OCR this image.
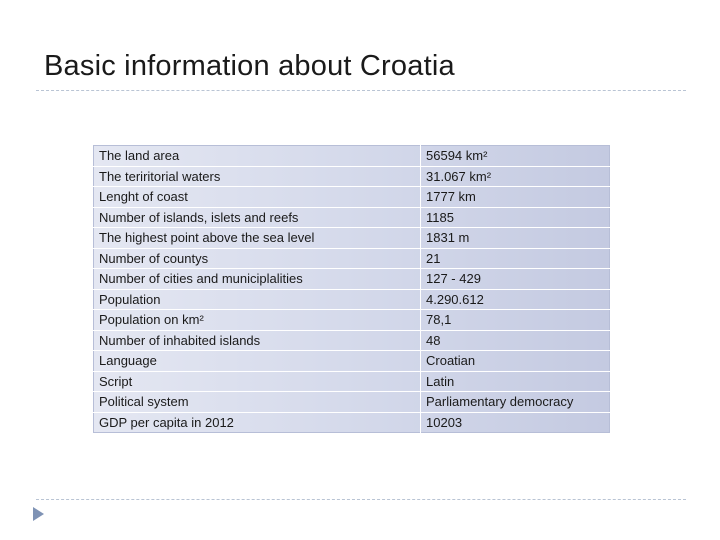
Basic information about Croatia
The land area	56594 km²
The teriritorial waters	31.067 km²
Lenght of coast	1777 km
Number of islands, islets and reefs	1185
The highest point above the sea level	1831 m
Number of countys	21
Number of cities and municiplalities	127 - 429
Population	4.290.612
Population on km²	78,1
Number of inhabited islands	48
Language	Croatian
Script	Latin
Political system	Parliamentary democracy
GDP per capita in 2012	10203
